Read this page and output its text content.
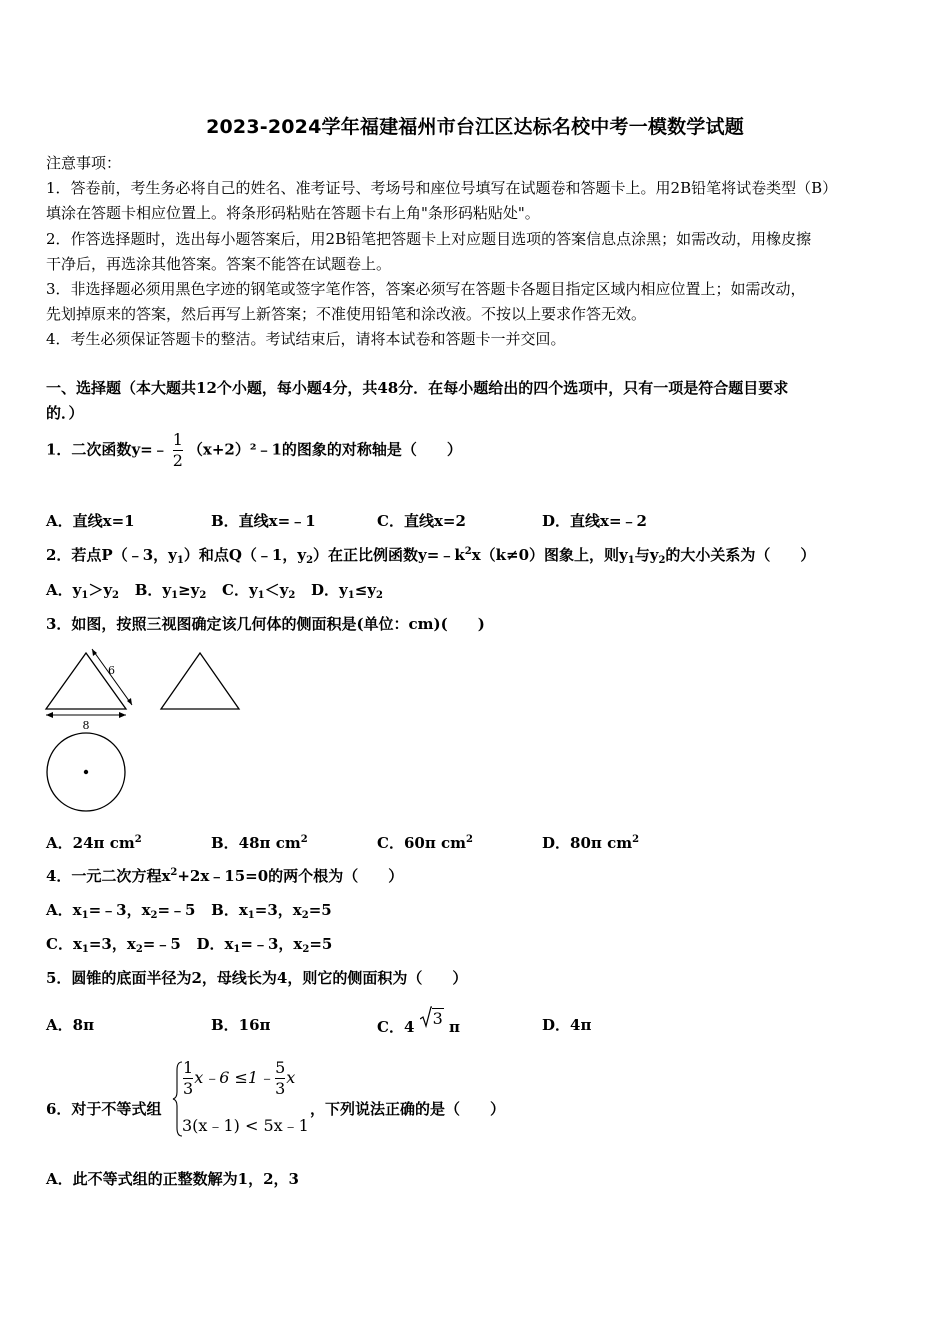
2023-2024学年福建福州市台江区达标名校中考一模数学试题
注意事项：
1．答卷前，考生务必将自己的姓名、准考证号、考场号和座位号填写在试题卷和答题卡上。用2B铅笔将试卷类型（B）
填涂在答题卡相应位置上。将条形码粘贴在答题卡右上角"条形码粘贴处"。
2．作答选择题时，选出每小题答案后，用2B铅笔把答题卡上对应题目选项的答案信息点涂黑；如需改动，用橡皮擦
干净后，再选涂其他答案。答案不能答在试题卷上。
3．非选择题必须用黑色字迹的钢笔或签字笔作答，答案必须写在答题卡各题目指定区域内相应位置上；如需改动，
先划掉原来的答案，然后再写上新答案；不准使用铅笔和涂改液。不按以上要求作答无效。
4．考生必须保证答题卡的整洁。考试结束后，请将本试卷和答题卡一并交回。
一、选择题（本大题共12个小题，每小题4分，共48分．在每小题给出的四个选项中，只有一项是符合题目要求
的．）
1．二次函数y=﹣ $\frac{1}{2}$ （x+2）²﹣1的图象的对称轴是（　　）
A．直线x=1	B．直线x=﹣1	C．直线x=2	D．直线x=﹣2
2．若点P（﹣3，$y_1$）和点Q（﹣1，$y_2$）在正比例函数$y=﹣k^2x(k\ne 0)$图象上，则$y_1$与$y_2$的大小关系为（　　）
A．$y_1>y_2$ B．$y_1\ge y_2$ C．$y_1<y_2$ D．$y_1\le y_2$
3．如图，按照三视图确定该几何体的侧面积是(单位：cm)(　　)
6
8
A．24π $cm^2$	B．48π $cm^2$	C．60π $cm^2$	D．80π $cm^2$
4．一元二次方程$x^2+2x﹣15=0$的两个根为（　　）
A．$x_1=﹣3$，$x_2=﹣5$ B．$x_1=3$，$x_2=5$
C．$x_1=3$，$x_2=﹣5$ D．$x_1=﹣3$，$x_2=5$
5．圆锥的底面半径为2，母线长为4，则它的侧面积为（　　）
A．8π	B．16π	C．4 3 π	D．4π
6．对于不等式组
$\frac{1}{3}$ x﹣6 ≤1﹣ $\frac{5}{3}$ x
3(x﹣1) < 5x﹣1
，下列说法正确的是（　　）
A．此不等式组的正整数解为1，2，3
